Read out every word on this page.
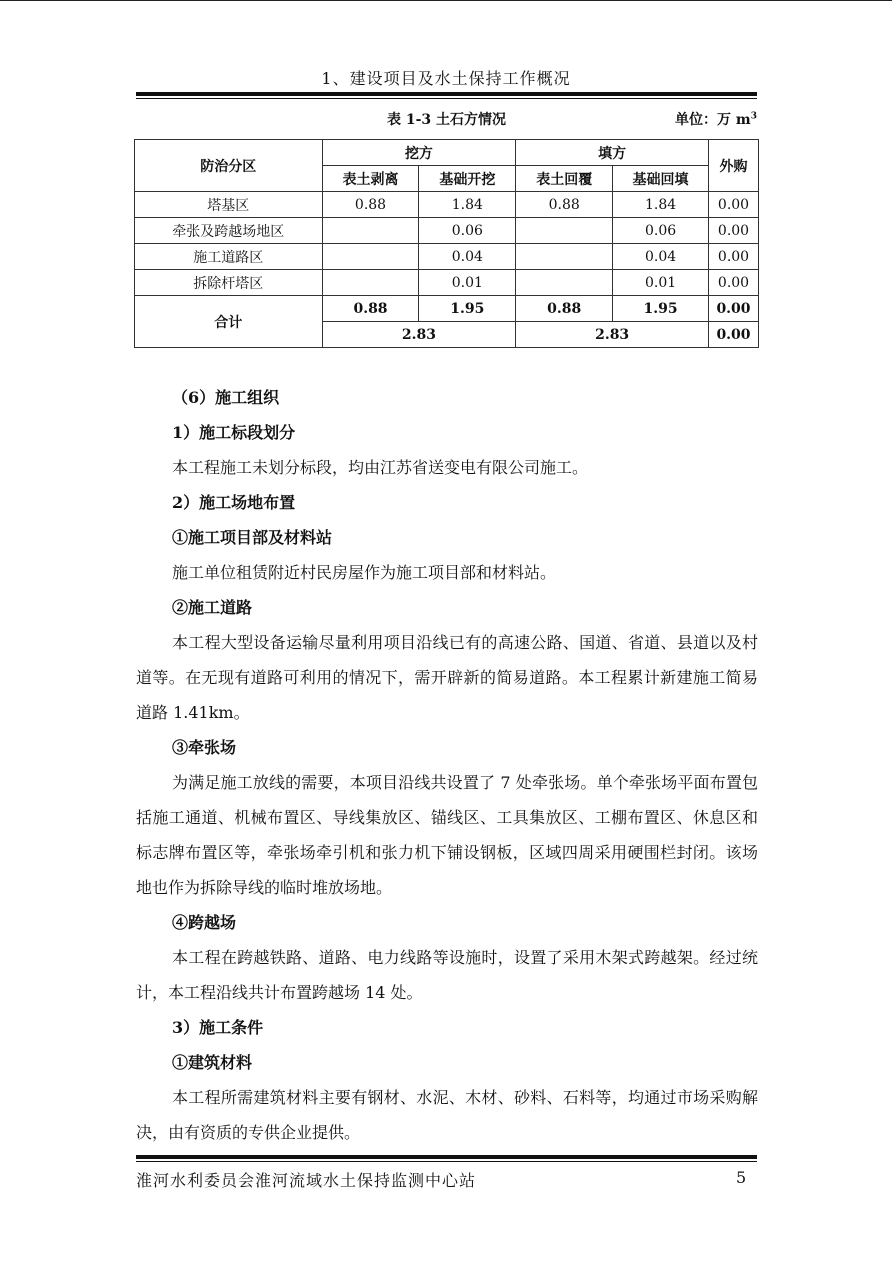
1、建设项目及水土保持工作概况
表 1-3 土石方情况	单位：万 $m^3$
防治分区	挖方		填方		外购
	表土剥离	基础开挖	表土回覆	基础回填	
塔基区	0.88	1.84	0.88	1.84	0.00
牵张及跨越场地区		0.06		0.06	0.00
施工道路区		0.04		0.04	0.00
拆除杆塔区		0.01		0.01	0.00
合计	0.88	1.95	0.88	1.95	0.00
	2.83		2.83		0.00

（6）施工组织

1）施工标段划分

本工程施工未划分标段，均由江苏省送变电有限公司施工。

2）施工场地布置

①施工项目部及材料站

施工单位租赁附近村民房屋作为施工项目部和材料站。

②施工道路

本工程大型设备运输尽量利用项目沿线已有的高速公路、国道、省道、县道以及村道等。在无现有道路可利用的情况下，需开辟新的简易道路。本工程累计新建施工简易道路 1.41km。

③牵张场

为满足施工放线的需要，本项目沿线共设置了 7 处牵张场。单个牵张场平面布置包括施工通道、机械布置区、导线集放区、锚线区、工具集放区、工棚布置区、休息区和标志牌布置区等，牵张场牵引机和张力机下铺设钢板，区域四周采用硬围栏封闭。该场地也作为拆除导线的临时堆放场地。

④跨越场

本工程在跨越铁路、道路、电力线路等设施时，设置了采用木架式跨越架。经过统计，本工程沿线共计布置跨越场 14 处。

3）施工条件

①建筑材料

本工程所需建筑材料主要有钢材、水泥、木材、砂料、石料等，均通过市场采购解决，由有资质的专供企业提供。

淮河水利委员会淮河流域水土保持监测中心站	5
